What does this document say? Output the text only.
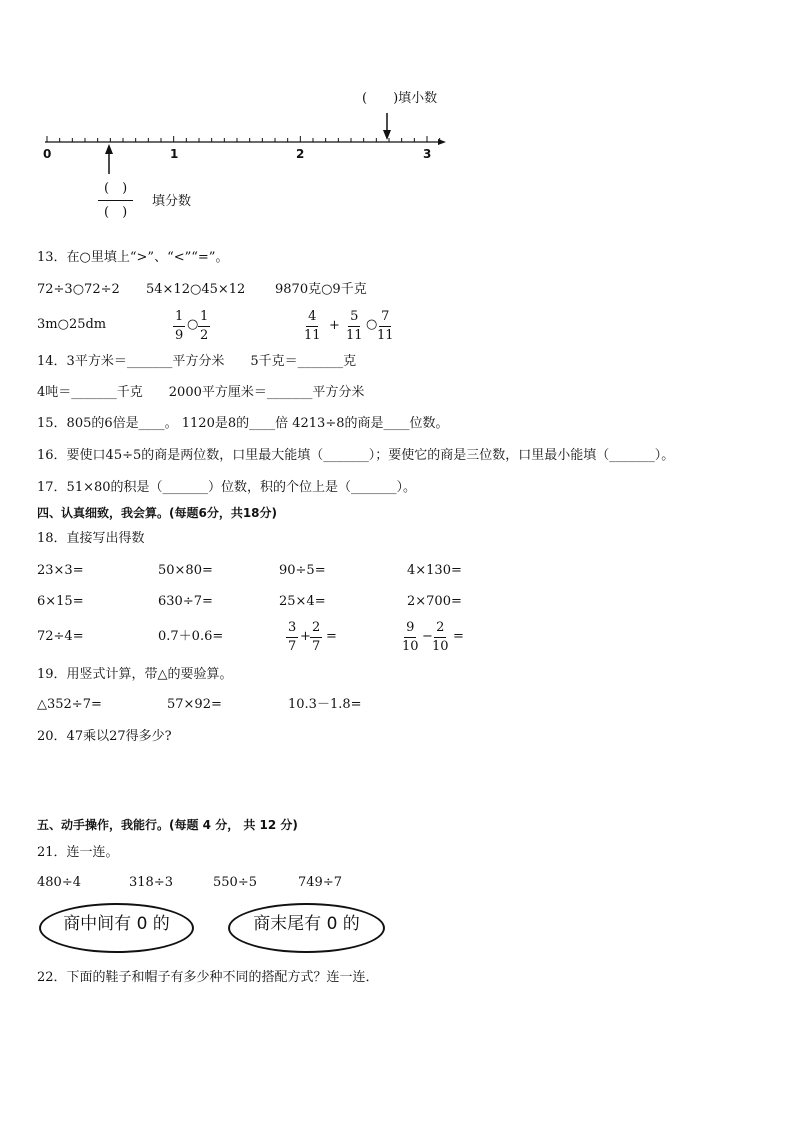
0	1	2	3
(　　)填小数
(　)
(　)
填分数
13．在○里填上“>”、“<”“=”。
72÷3○72÷2 54×12○45×12 9870克○9千克
3m○25dm	$\frac{1}{9}$ ○ $\frac{1}{2}$	$\frac{4}{11} + \frac{5}{11}$ ○ $\frac{7}{11}$
14．3平方米＝_______平方分米　　5千克＝_______克
4吨＝_______千克　　2000平方厘米＝_______平方分米
15．805的6倍是____。 1120是8的____倍 4213÷8的商是____位数。
16．要使口45÷5的商是两位数，口里最大能填（_______）；要使它的商是三位数，口里最小能填（_______）。
17．51×80的积是（_______）位数，积的个位上是（_______）。
四、认真细致，我会算。(每题6分，共18分)
18．直接写出得数
23×3=	50×80=	90÷5=	4×130=
6×15=	630÷7=	25×4=	2×700=
72÷4=	0.7＋0.6=	$\frac{3}{7} + \frac{2}{7}$ =	$\frac{9}{10} - \frac{2}{10}$ =
19．用竖式计算，带△的要验算。
△352÷7=	57×92=	10.3－1.8=
20．47乘以27得多少?
五、动手操作，我能行。(每题 4 分， 共 12 分)
21．连一连。
480÷4	318÷3	550÷5	749÷7
商中间有 0 的	商末尾有 0 的
22．下面的鞋子和帽子有多少种不同的搭配方式？连一连．
